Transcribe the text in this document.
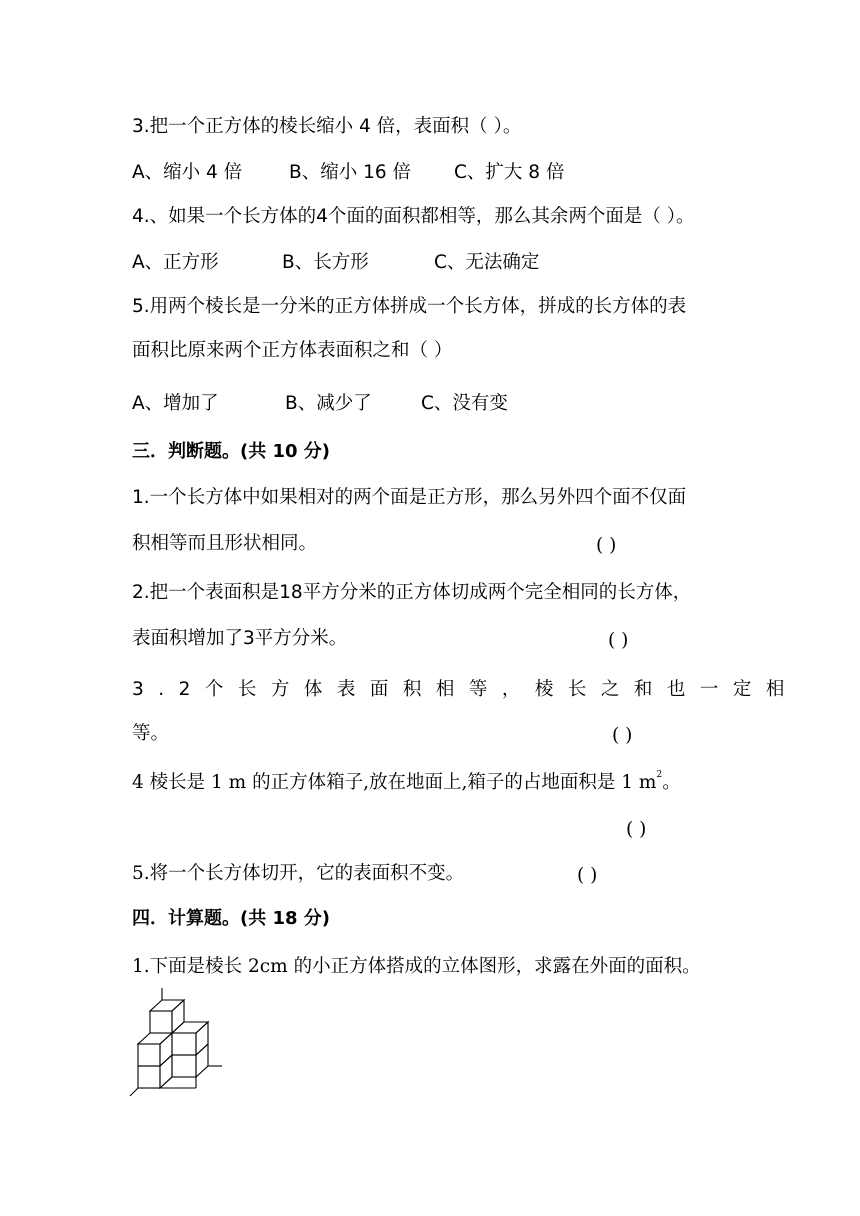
3.把一个正方体的棱长缩小 4 倍，表面积（ ）。
A、缩小 4 倍	B、缩小 16 倍 C、扩大 8 倍
4.、如果一个长方体的4个面的面积都相等，那么其余两个面是（ ）。
A、正方形	B、长方形	C、无法确定
5.用两个棱长是一分米的正方体拼成一个长方体，拼成的长方体的表
面积比原来两个正方体表面积之和（ ）
A、增加了	B、减少了	C、没有变
三．判断题。(共 10 分)
1.一个长方体中如果相对的两个面是正方形，那么另外四个面不仅面
积相等而且形状相同。	( )
2.把一个表面积是18平方分米的正方体切成两个完全相同的长方体，
表面积增加了3平方分米。	( )
3.2个长方体表面积相等，棱长之和也一定相
等。	( )
4 棱长是 1 m 的正方体箱子,放在地面上,箱子的占地面积是 1 $m^2$。
( )
5.将一个长方体切开，它的表面积不变。	( )
四．计算题。(共 18 分)
1.下面是棱长 2cm 的小正方体搭成的立体图形，求露在外面的面积。
